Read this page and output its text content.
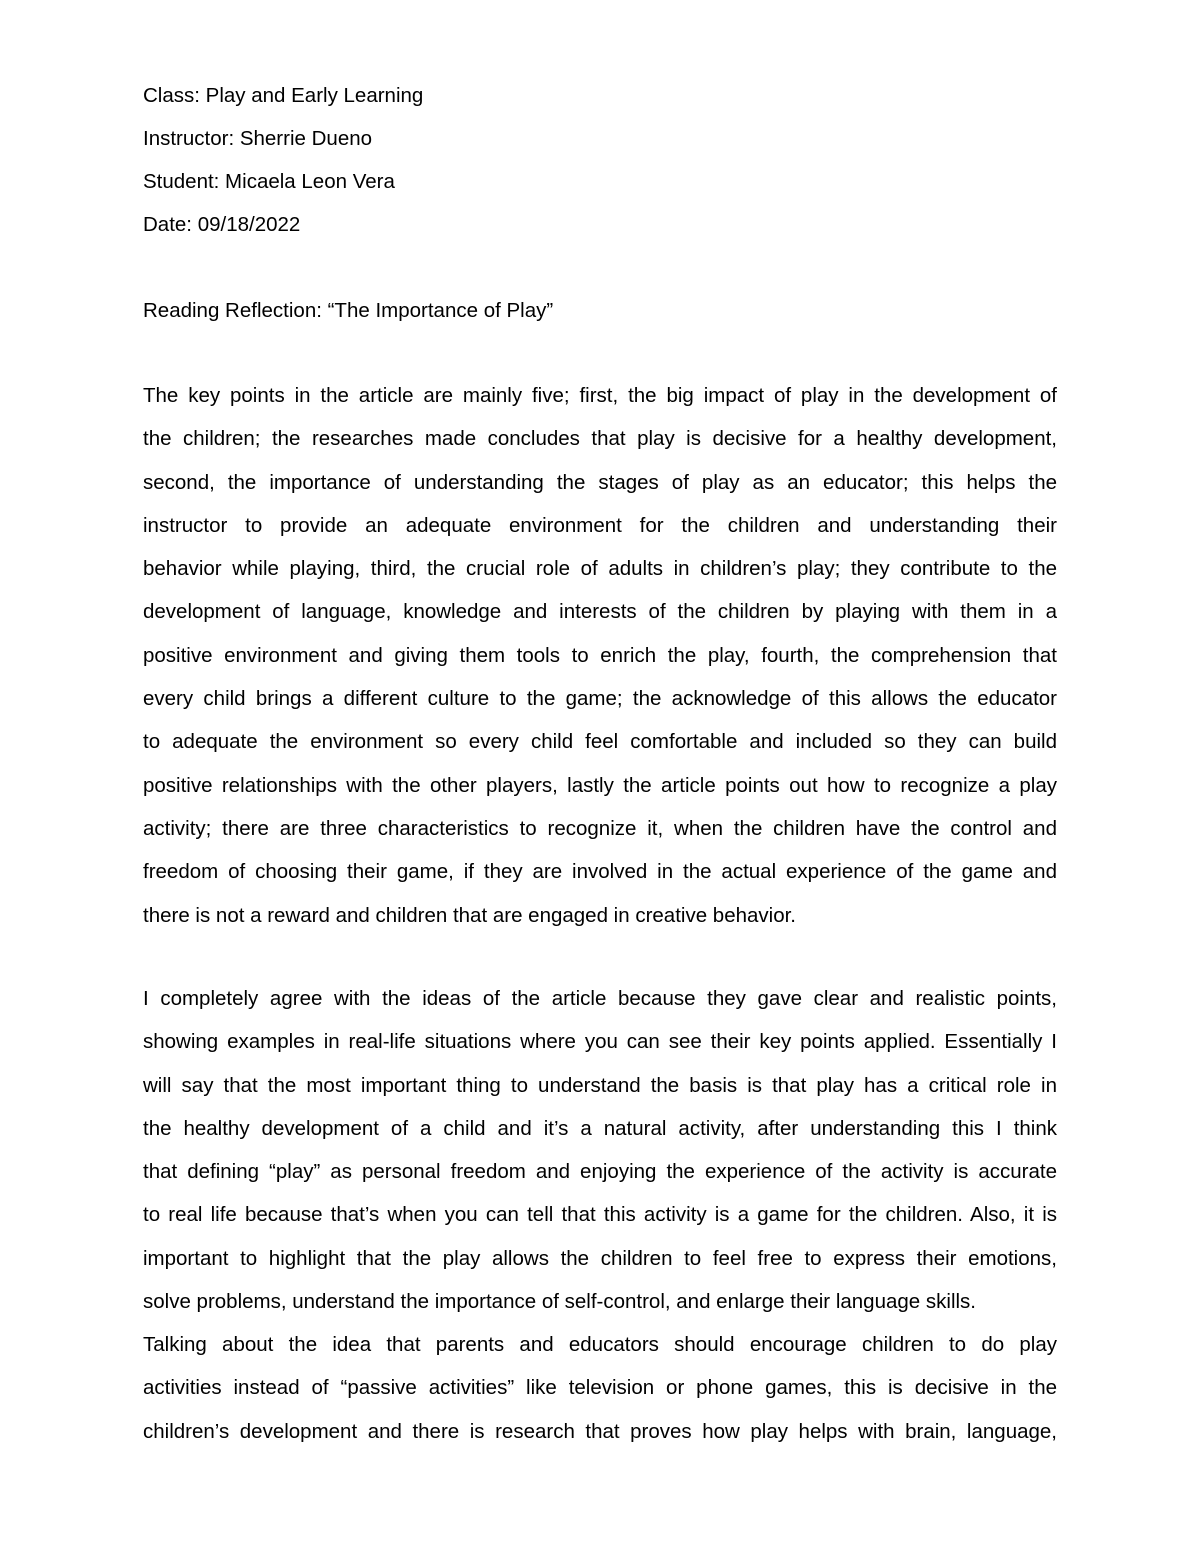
Class: Play and Early Learning
Instructor: Sherrie Dueno
Student: Micaela Leon Vera
Date: 09/18/2022
Reading Reflection: “The Importance of Play”
The key points in the article are mainly five; first, the big impact of play in the development of
the children; the researches made concludes that play is decisive for a healthy development,
second, the importance of understanding the stages of play as an educator; this helps the
instructor to provide an adequate environment for the children and understanding their
behavior while playing, third, the crucial role of adults in children’s play; they contribute to the
development of language, knowledge and interests of the children by playing with them in a
positive environment and giving them tools to enrich the play, fourth, the comprehension that
every child brings a different culture to the game; the acknowledge of this allows the educator
to adequate the environment so every child feel comfortable and included so they can build
positive relationships with the other players, lastly the article points out how to recognize a play
activity; there are three characteristics to recognize it, when the children have the control and
freedom of choosing their game, if they are involved in the actual experience of the game and
there is not a reward and children that are engaged in creative behavior.
I completely agree with the ideas of the article because they gave clear and realistic points,
showing examples in real-life situations where you can see their key points applied. Essentially I
will say that the most important thing to understand the basis is that play has a critical role in
the healthy development of a child and it’s a natural activity, after understanding this I think
that defining “play” as personal freedom and enjoying the experience of the activity is accurate
to real life because that’s when you can tell that this activity is a game for the children. Also, it is
important to highlight that the play allows the children to feel free to express their emotions,
solve problems, understand the importance of self-control, and enlarge their language skills.
Talking about the idea that parents and educators should encourage children to do play
activities instead of “passive activities” like television or phone games, this is decisive in the
children’s development and there is research that proves how play helps with brain, language,
